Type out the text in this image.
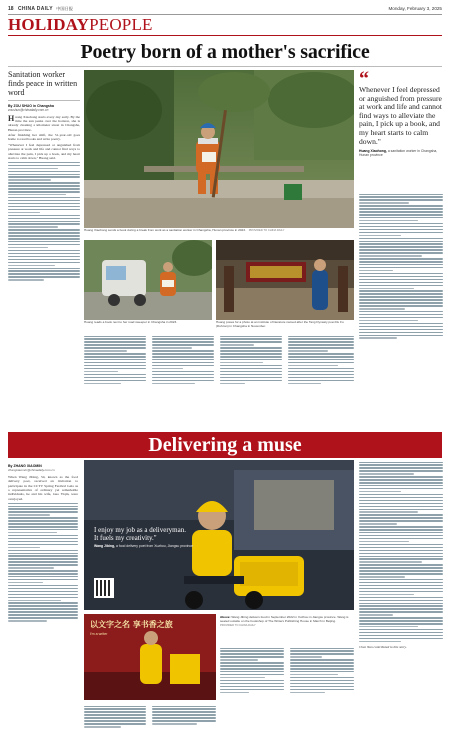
18 CHINA DAILY 中国日报	Monday, February 3, 2025
HOLIDAYPEOPLE
Poetry born of a mother's sacrifice
Sanitation worker finds peace in written word
By ZOU SHUO in Changsha
zoushuo@chinadaily.com.cn

Huang Xiaohong starts every day early. By the time the sun peaks over the horizon, she is already cleaning a kilometer street in Changsha, Hunan province.

After finishing her shift, the 51-year-old goes home to read books and write poetry.

"Whenever I feel depressed or anguished from pressure at work and life and cannot find ways to alleviate the pain, I pick up a book, and my heart starts to calm down," Huang said.

Huang Xiaohong sends a book during a break from work as a sanitation worker in Changsha, Hunan province in 2023. PROVIDED TO CHINA DAILY
“
Whenever I feel depressed or anguished from pressure at work and life and cannot find ways to alleviate the pain, I pick up a book, and my heart starts to calm down."
Huang Xiaohong, a sanitation worker in Changsha, Hunan province
Huang reads a book next to her road sweeper in Changsha in 2023.	Huang poses for a photo at an institute of literature named after the Tang Dynasty poet Du Fu (Dufu'an) in Changsha in November.
Delivering a muse
By ZHANG XIAOMIN
zhangxiaomin@chinadaily.com.cn

When Wang Jibing, 54, known as the food delivery poet, received an invitation to participate in the CCTV Spring Festival Gala as a representative of ordinary yet remarkable individuals, he and his wife, Guo Yiqin, were overjoyed.

I enjoy my job as a deliveryman.
It fuels my creativity."
Wang Jibing, a food delivery poet from Xuzhou, Jiangsu province
Chen Nan contributed to this story.
以文字之名 享书香之旅
I'm a writer
Above: Wang Jibing delivers food in September 2022 in Xuzhou in Jiangsu province. Wang is seated outside on the bookshop of The Writers Publishing House in March in Beijing.
PROVIDED TO CHINA DAILY
